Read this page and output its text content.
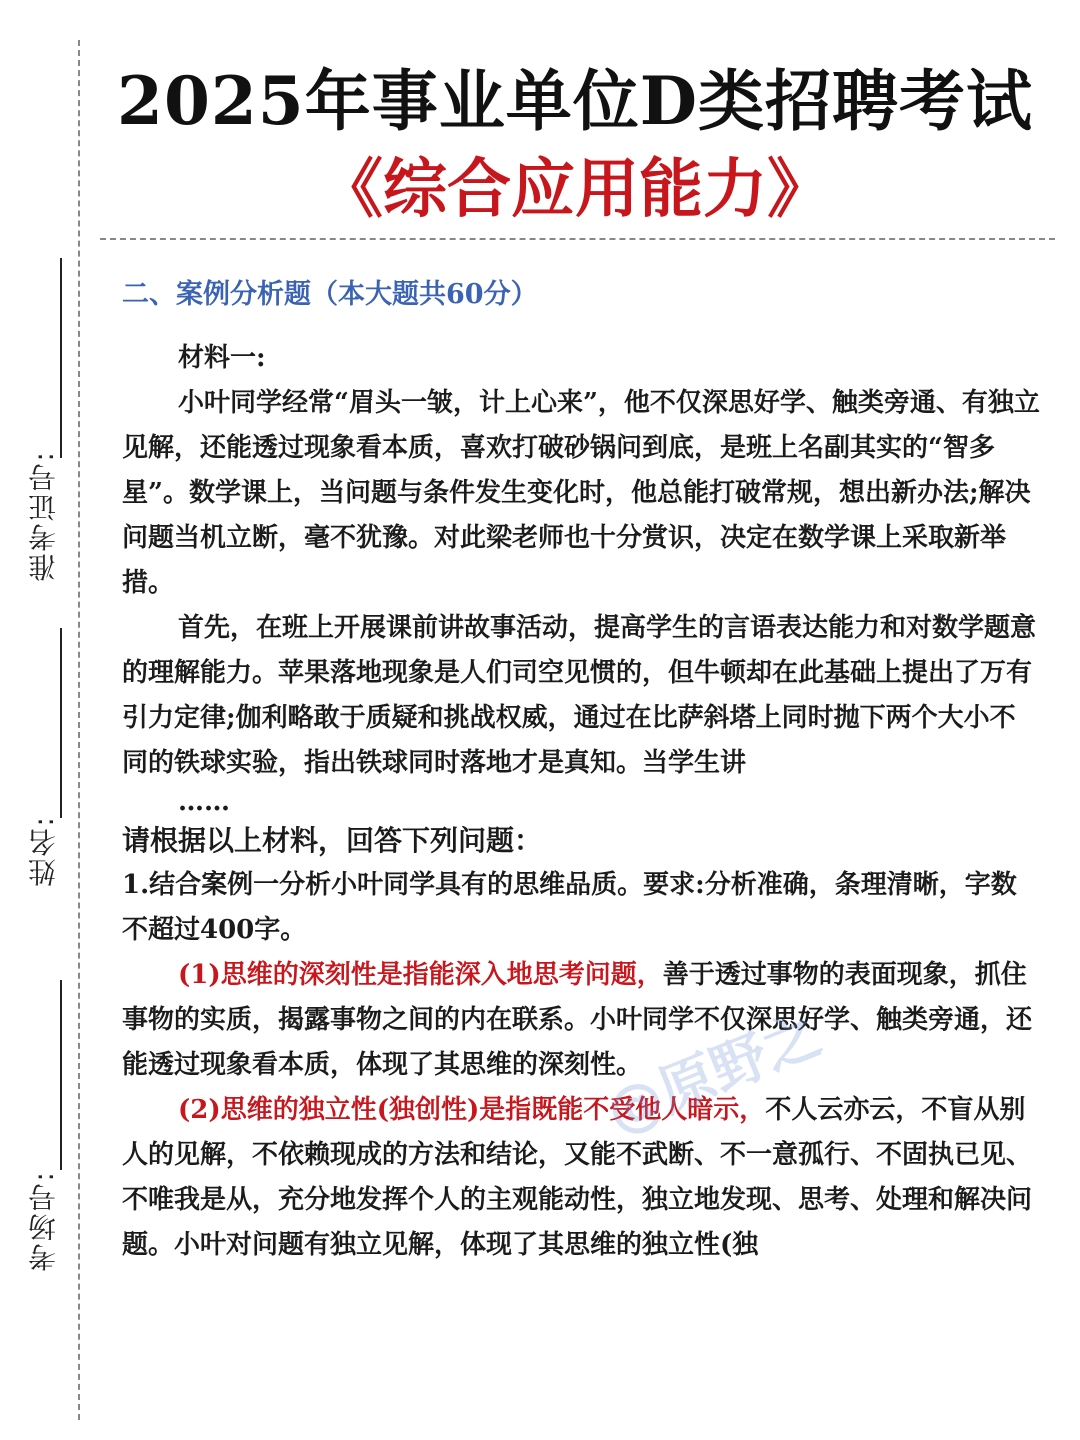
准考证号:
姓名:
考场号:
2025年事业单位D类招聘考试
《综合应用能力》
二、案例分析题（本大题共60分）

材料一:

小叶同学经常“眉头一皱，计上心来”，他不仅深思好学、触类旁通、有独立见解，还能透过现象看本质，喜欢打破砂锅问到底，是班上名副其实的“智多星”。数学课上，当问题与条件发生变化时，他总能打破常规，想出新办法;解决问题当机立断，毫不犹豫。对此梁老师也十分赏识，决定在数学课上采取新举措。

首先，在班上开展课前讲故事活动，提高学生的言语表达能力和对数学题意的理解能力。苹果落地现象是人们司空见惯的，但牛顿却在此基础上提出了万有引力定律;伽利略敢于质疑和挑战权威，通过在比萨斜塔上同时抛下两个大小不同的铁球实验，指出铁球同时落地才是真知。当学生讲

……

请根据以上材料，回答下列问题：

1.结合案例一分析小叶同学具有的思维品质。要求:分析准确，条理清晰，字数不超过400字。

(1)思维的深刻性是指能深入地思考问题，善于透过事物的表面现象，抓住事物的实质，揭露事物之间的内在联系。小叶同学不仅深思好学、触类旁通，还能透过现象看本质，体现了其思维的深刻性。

(2)思维的独立性(独创性)是指既能不受他人暗示，不人云亦云，不盲从别人的见解，不依赖现成的方法和结论，又能不武断、不一意孤行、不固执已见、不唯我是从，充分地发挥个人的主观能动性，独立地发现、思考、处理和解决问题。小叶对问题有独立见解，体现了其思维的独立性(独

@原野之
